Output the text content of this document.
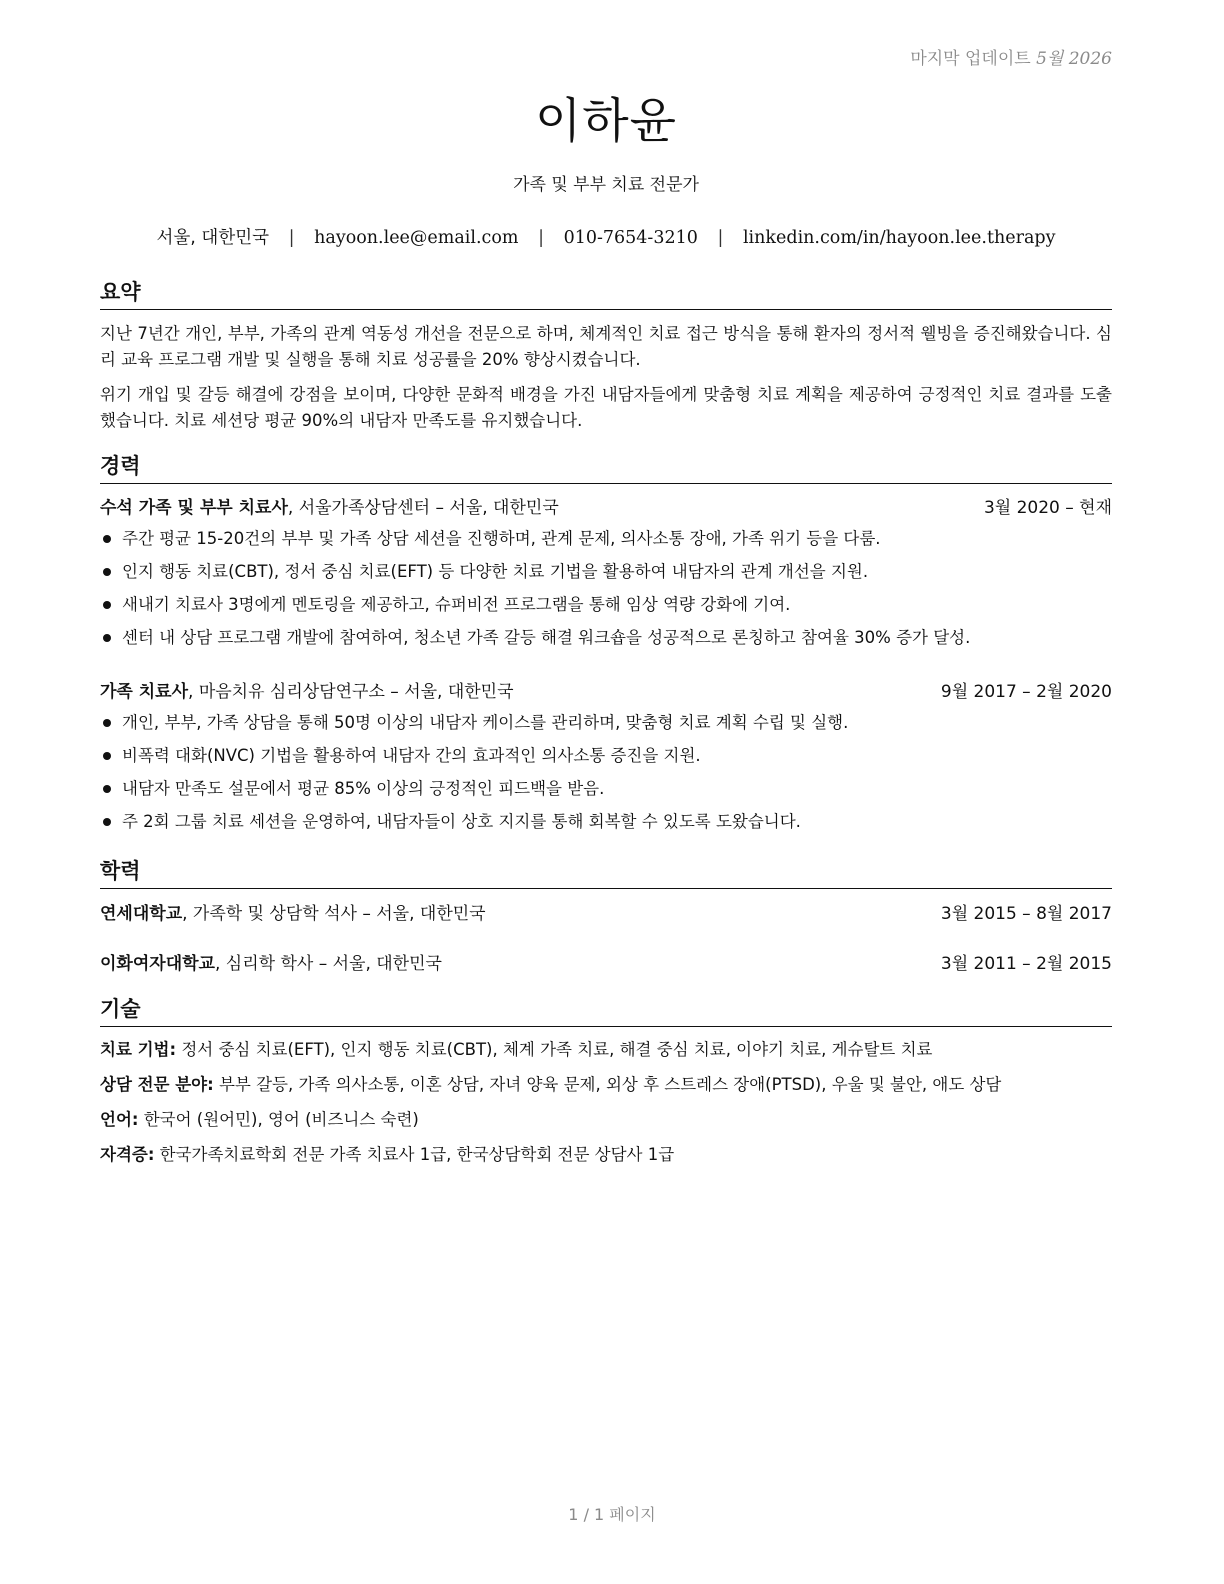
마지막 업데이트 5월 2026
이하윤
가족 및 부부 치료 전문가
서울, 대한민국 | hayoon.lee@email.com | 010-7654-3210 | linkedin.com/in/hayoon.lee.therapy
요약
지난 7년간 개인, 부부, 가족의 관계 역동성 개선을 전문으로 하며, 체계적인 치료 접근 방식을 통해 환자의 정서적 웰빙을 증진해왔습니다. 심리 교육 프로그램 개발 및 실행을 통해 치료 성공률을 20% 향상시켰습니다.
위기 개입 및 갈등 해결에 강점을 보이며, 다양한 문화적 배경을 가진 내담자들에게 맞춤형 치료 계획을 제공하여 긍정적인 치료 결과를 도출했습니다. 치료 세션당 평균 90%의 내담자 만족도를 유지했습니다.
경력
수석 가족 및 부부 치료사, 서울가족상담센터 – 서울, 대한민국	3월 2020 – 현재
주간 평균 15-20건의 부부 및 가족 상담 세션을 진행하며, 관계 문제, 의사소통 장애, 가족 위기 등을 다룸.
인지 행동 치료(CBT), 정서 중심 치료(EFT) 등 다양한 치료 기법을 활용하여 내담자의 관계 개선을 지원.
새내기 치료사 3명에게 멘토링을 제공하고, 슈퍼비전 프로그램을 통해 임상 역량 강화에 기여.
센터 내 상담 프로그램 개발에 참여하여, 청소년 가족 갈등 해결 워크숍을 성공적으로 론칭하고 참여율 30% 증가 달성.
가족 치료사, 마음치유 심리상담연구소 – 서울, 대한민국	9월 2017 – 2월 2020
개인, 부부, 가족 상담을 통해 50명 이상의 내담자 케이스를 관리하며, 맞춤형 치료 계획 수립 및 실행.
비폭력 대화(NVC) 기법을 활용하여 내담자 간의 효과적인 의사소통 증진을 지원.
내담자 만족도 설문에서 평균 85% 이상의 긍정적인 피드백을 받음.
주 2회 그룹 치료 세션을 운영하여, 내담자들이 상호 지지를 통해 회복할 수 있도록 도왔습니다.
학력
연세대학교, 가족학 및 상담학 석사 – 서울, 대한민국	3월 2015 – 8월 2017
이화여자대학교, 심리학 학사 – 서울, 대한민국	3월 2011 – 2월 2015
기술
치료 기법: 정서 중심 치료(EFT), 인지 행동 치료(CBT), 체계 가족 치료, 해결 중심 치료, 이야기 치료, 게슈탈트 치료
상담 전문 분야: 부부 갈등, 가족 의사소통, 이혼 상담, 자녀 양육 문제, 외상 후 스트레스 장애(PTSD), 우울 및 불안, 애도 상담
언어: 한국어 (원어민), 영어 (비즈니스 숙련)
자격증: 한국가족치료학회 전문 가족 치료사 1급, 한국상담학회 전문 상담사 1급
1 / 1 페이지
